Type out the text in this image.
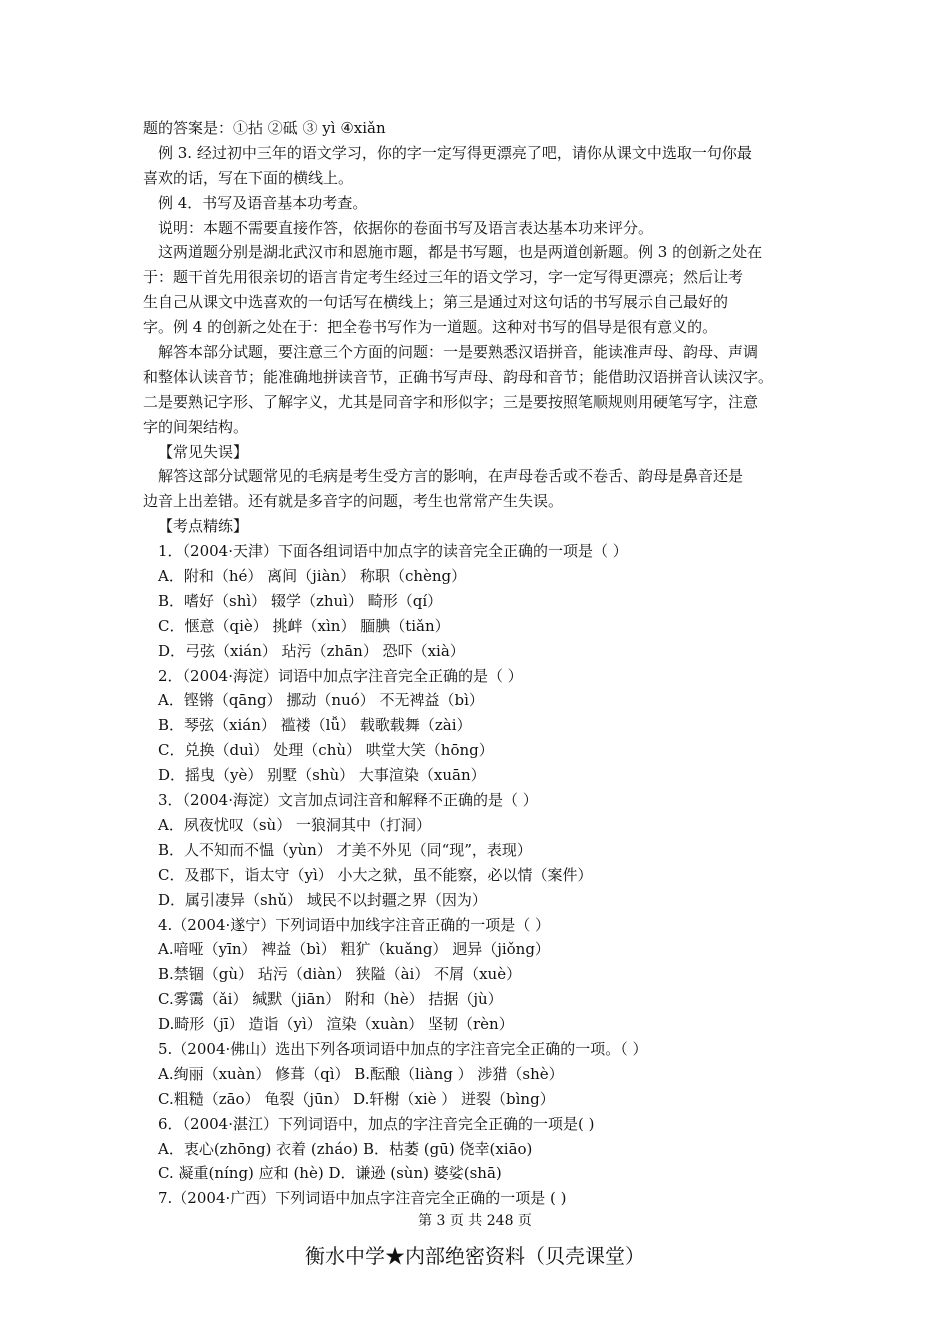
题的答案是：①拈 ②砥 ③ yì ④xiǎn
例 3. 经过初中三年的语文学习，你的字一定写得更漂亮了吧，请你从课文中选取一句你最
喜欢的话，写在下面的横线上。
例 4．书写及语音基本功考查。
说明：本题不需要直接作答，依据你的卷面书写及语言表达基本功来评分。
这两道题分别是湖北武汉市和恩施市题，都是书写题，也是两道创新题。例 3 的创新之处在
于：题干首先用很亲切的语言肯定考生经过三年的语文学习，字一定写得更漂亮；然后让考
生自己从课文中选喜欢的一句话写在横线上；第三是通过对这句话的书写展示自己最好的
字。例 4 的创新之处在于：把全卷书写作为一道题。这种对书写的倡导是很有意义的。
解答本部分试题，要注意三个方面的问题：一是要熟悉汉语拼音，能读准声母、韵母、声调
和整体认读音节；能准确地拼读音节，正确书写声母、韵母和音节；能借助汉语拼音认读汉字。
二是要熟记字形、了解字义，尤其是同音字和形似字；三是要按照笔顺规则用硬笔写字，注意
字的间架结构。
【常见失误】
解答这部分试题常见的毛病是考生受方言的影响，在声母卷舌或不卷舌、韵母是鼻音还是
边音上出差错。还有就是多音字的问题，考生也常常产生失误。
【考点精练】
1．（2004·天津）下面各组词语中加点字的读音完全正确的一项是（ ）
A．附和（hé） 离间（jiàn） 称职（chèng）
B．嗜好（shì） 辍学（zhuì） 畸形（qí）
C．惬意（qiè） 挑衅（xìn） 腼腆（tiǎn）
D．弓弦（xián） 玷污（zhān） 恐吓（xià）
2．（2004·海淀）词语中加点字注音完全正确的是（ ）
A．铿锵（qāng） 挪动（nuó） 不无裨益（bì）
B．琴弦（xián） 褴褛（lǚ） 载歌载舞（zài）
C．兑换（duì） 处理（chù） 哄堂大笑（hōng）
D．摇曳（yè） 别墅（shù） 大事渲染（xuān）
3．（2004·海淀）文言加点词注音和解释不正确的是（ ）
A．夙夜忧叹（sù） 一狼洞其中（打洞）
B．人不知而不愠（yùn） 才美不外见（同“现”，表现）
C．及郡下，诣太守（yì） 小大之狱，虽不能察，必以情（案件）
D．属引凄异（shǔ） 域民不以封疆之界（因为）
4.（2004·遂宁）下列词语中加线字注音正确的一项是（ ）
A.喑哑（yīn） 裨益（bì） 粗犷（kuǎng） 迥异（jiǒng）
B.禁锢（gù） 玷污（diàn） 狭隘（ài） 不屑（xuè）
C.雾霭（ǎi） 缄默（jiān） 附和（hè） 拮据（jù）
D.畸形（jī） 造诣（yì） 渲染（xuàn） 坚韧（rèn）
5.（2004·佛山）选出下列各项词语中加点的字注音完全正确的一项。（ ）
A.绚丽（xuàn） 修葺（qì） B.酝酿（liàng ） 涉猎（shè）
C.粗糙（zāo） 龟裂（jūn） D.轩榭（xiè ） 迸裂（bìng）
6．（2004·湛江）下列词语中，加点的字注音完全正确的一项是( )
A．衷心(zhōng) 衣着 (zháo) B．枯萎 (gū) 侥幸(xiāo)
C. 凝重(níng) 应和 (hè) D．谦逊 (sùn) 婆娑(shā)
7.（2004·广西）下列词语中加点字注音完全正确的一项是 ( )
第 3 页 共 248 页
衡水中学★内部绝密资料（贝壳课堂）
